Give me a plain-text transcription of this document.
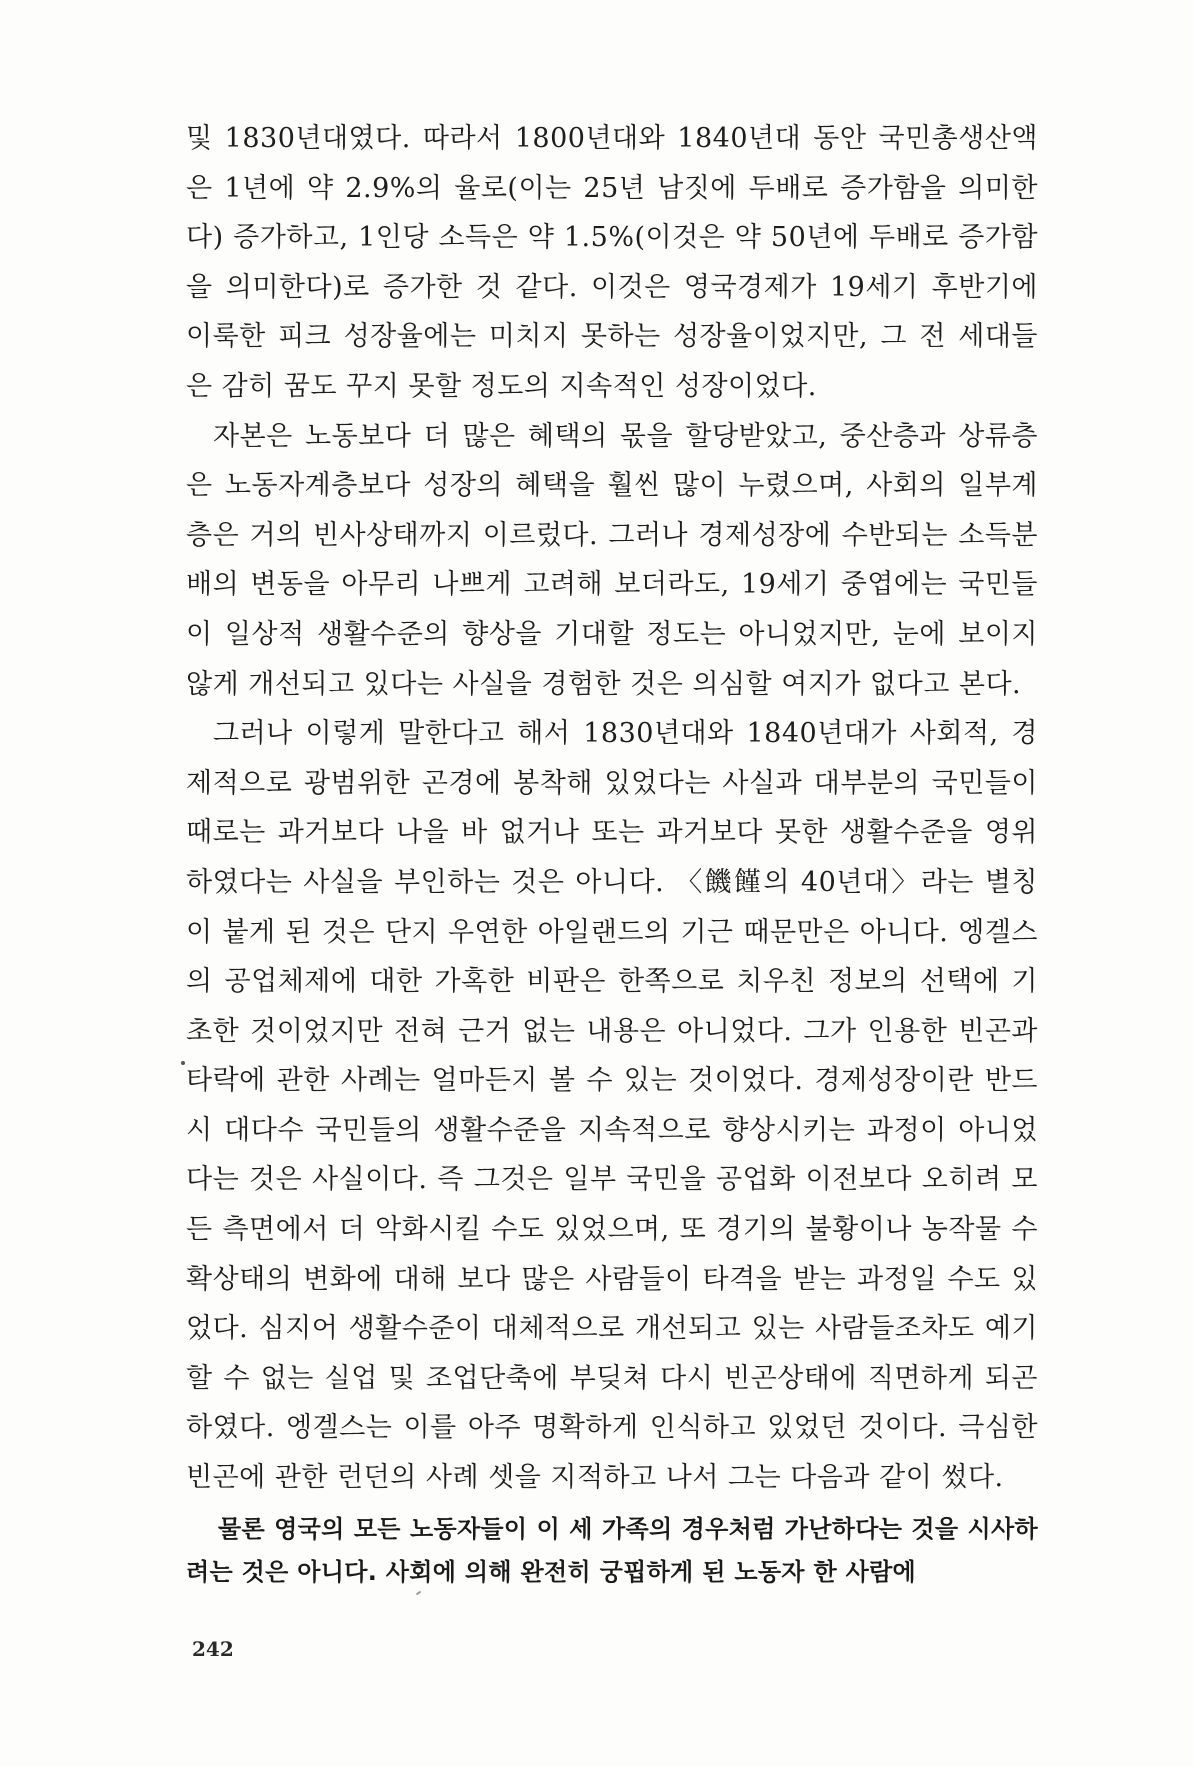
및 1830년대였다. 따라서 1800년대와 1840년대 동안 국민총생산액은 1년에 약 2.9%의 율로(이는 25년 남짓에 두배로 증가함을 의미한다) 증가하고, 1인당 소득은 약 1.5%(이것은 약 50년에 두배로 증가함을 의미한다)로 증가한 것 같다. 이것은 영국경제가 19세기 후반기에 이룩한 피크 성장율에는 미치지 못하는 성장율이었지만, 그 전 세대들은 감히 꿈도 꾸지 못할 정도의 지속적인 성장이었다.

자본은 노동보다 더 많은 혜택의 몫을 할당받았고, 중산층과 상류층은 노동자계층보다 성장의 혜택을 훨씬 많이 누렸으며, 사회의 일부계층은 거의 빈사상태까지 이르렀다. 그러나 경제성장에 수반되는 소득분배의 변동을 아무리 나쁘게 고려해 보더라도, 19세기 중엽에는 국민들이 일상적 생활수준의 향상을 기대할 정도는 아니었지만, 눈에 보이지 않게 개선되고 있다는 사실을 경험한 것은 의심할 여지가 없다고 본다.

그러나 이렇게 말한다고 해서 1830년대와 1840년대가 사회적, 경제적으로 광범위한 곤경에 봉착해 있었다는 사실과 대부분의 국민들이 때로는 과거보다 나을 바 없거나 또는 과거보다 못한 생활수준을 영위하였다는 사실을 부인하는 것은 아니다. 〈饑饉의 40년대〉라는 별칭이 붙게 된 것은 단지 우연한 아일랜드의 기근 때문만은 아니다. 엥겔스의 공업체제에 대한 가혹한 비판은 한쪽으로 치우친 정보의 선택에 기초한 것이었지만 전혀 근거 없는 내용은 아니었다. 그가 인용한 빈곤과 타락에 관한 사례는 얼마든지 볼 수 있는 것이었다. 경제성장이란 반드시 대다수 국민들의 생활수준을 지속적으로 향상시키는 과정이 아니었다는 것은 사실이다. 즉 그것은 일부 국민을 공업화 이전보다 오히려 모든 측면에서 더 악화시킬 수도 있었으며, 또 경기의 불황이나 농작물 수확상태의 변화에 대해 보다 많은 사람들이 타격을 받는 과정일 수도 있었다. 심지어 생활수준이 대체적으로 개선되고 있는 사람들조차도 예기할 수 없는 실업 및 조업단축에 부딪쳐 다시 빈곤상태에 직면하게 되곤 하였다. 엥겔스는 이를 아주 명확하게 인식하고 있었던 것이다. 극심한 빈곤에 관한 런던의 사례 셋을 지적하고 나서 그는 다음과 같이 썼다.

물론 영국의 모든 노동자들이 이 세 가족의 경우처럼 가난하다는 것을 시사하려는 것은 아니다. 사회에 의해 완전히 궁핍하게 된 노동자 한 사람에
242
